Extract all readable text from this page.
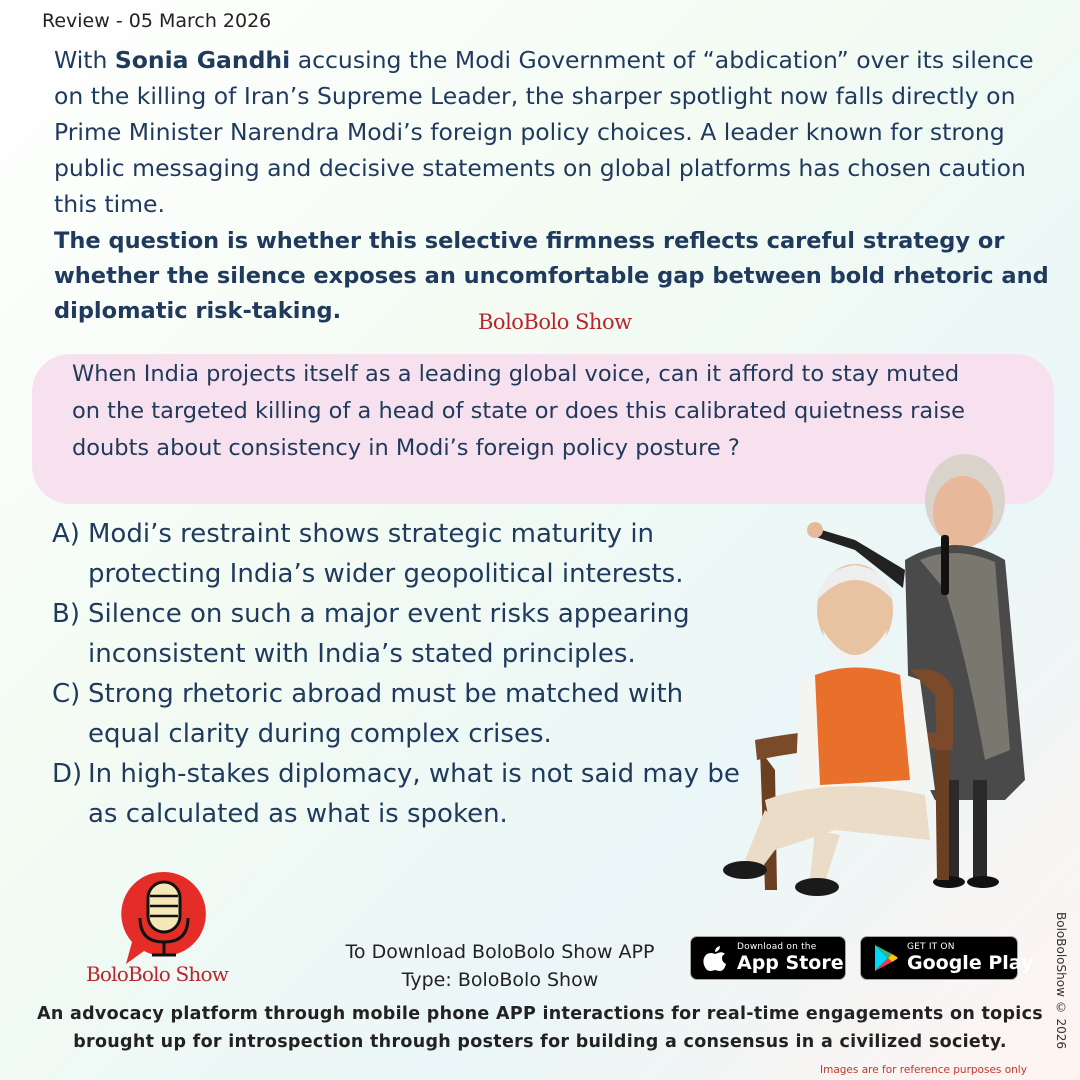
Review - 05 March 2026

With Sonia Gandhi accusing the Modi Government of “abdication” over its silence on the killing of Iran’s Supreme Leader, the sharper spotlight now falls directly on Prime Minister Narendra Modi’s foreign policy choices. A leader known for strong public messaging and decisive statements on global platforms has chosen caution this time.

The question is whether this selective firmness reflects careful strategy or whether the silence exposes an uncomfortable gap between bold rhetoric and diplomatic risk-taking.	BoloBolo Show

When India projects itself as a leading global voice, can it afford to stay muted on the targeted killing of a head of state or does this calibrated quietness raise doubts about consistency in Modi’s foreign policy posture ?

A) Modi’s restraint shows strategic maturity in protecting India’s wider geopolitical interests.
B) Silence on such a major event risks appearing inconsistent with India’s stated principles.
C) Strong rhetoric abroad must be matched with equal clarity during complex crises.
D) In high-stakes diplomacy, what is not said may be as calculated as what is spoken.
BoloBolo Show
To Download BoloBolo Show APP
Type: BoloBolo Show
Download on the
App Store
GET IT ON
Google Play

An advocacy platform through mobile phone APP interactions for real-time engagements on topics brought up for introspection through posters for building a consensus in a civilized society.	BoloBoloShow © 2026
Images are for reference purposes only
